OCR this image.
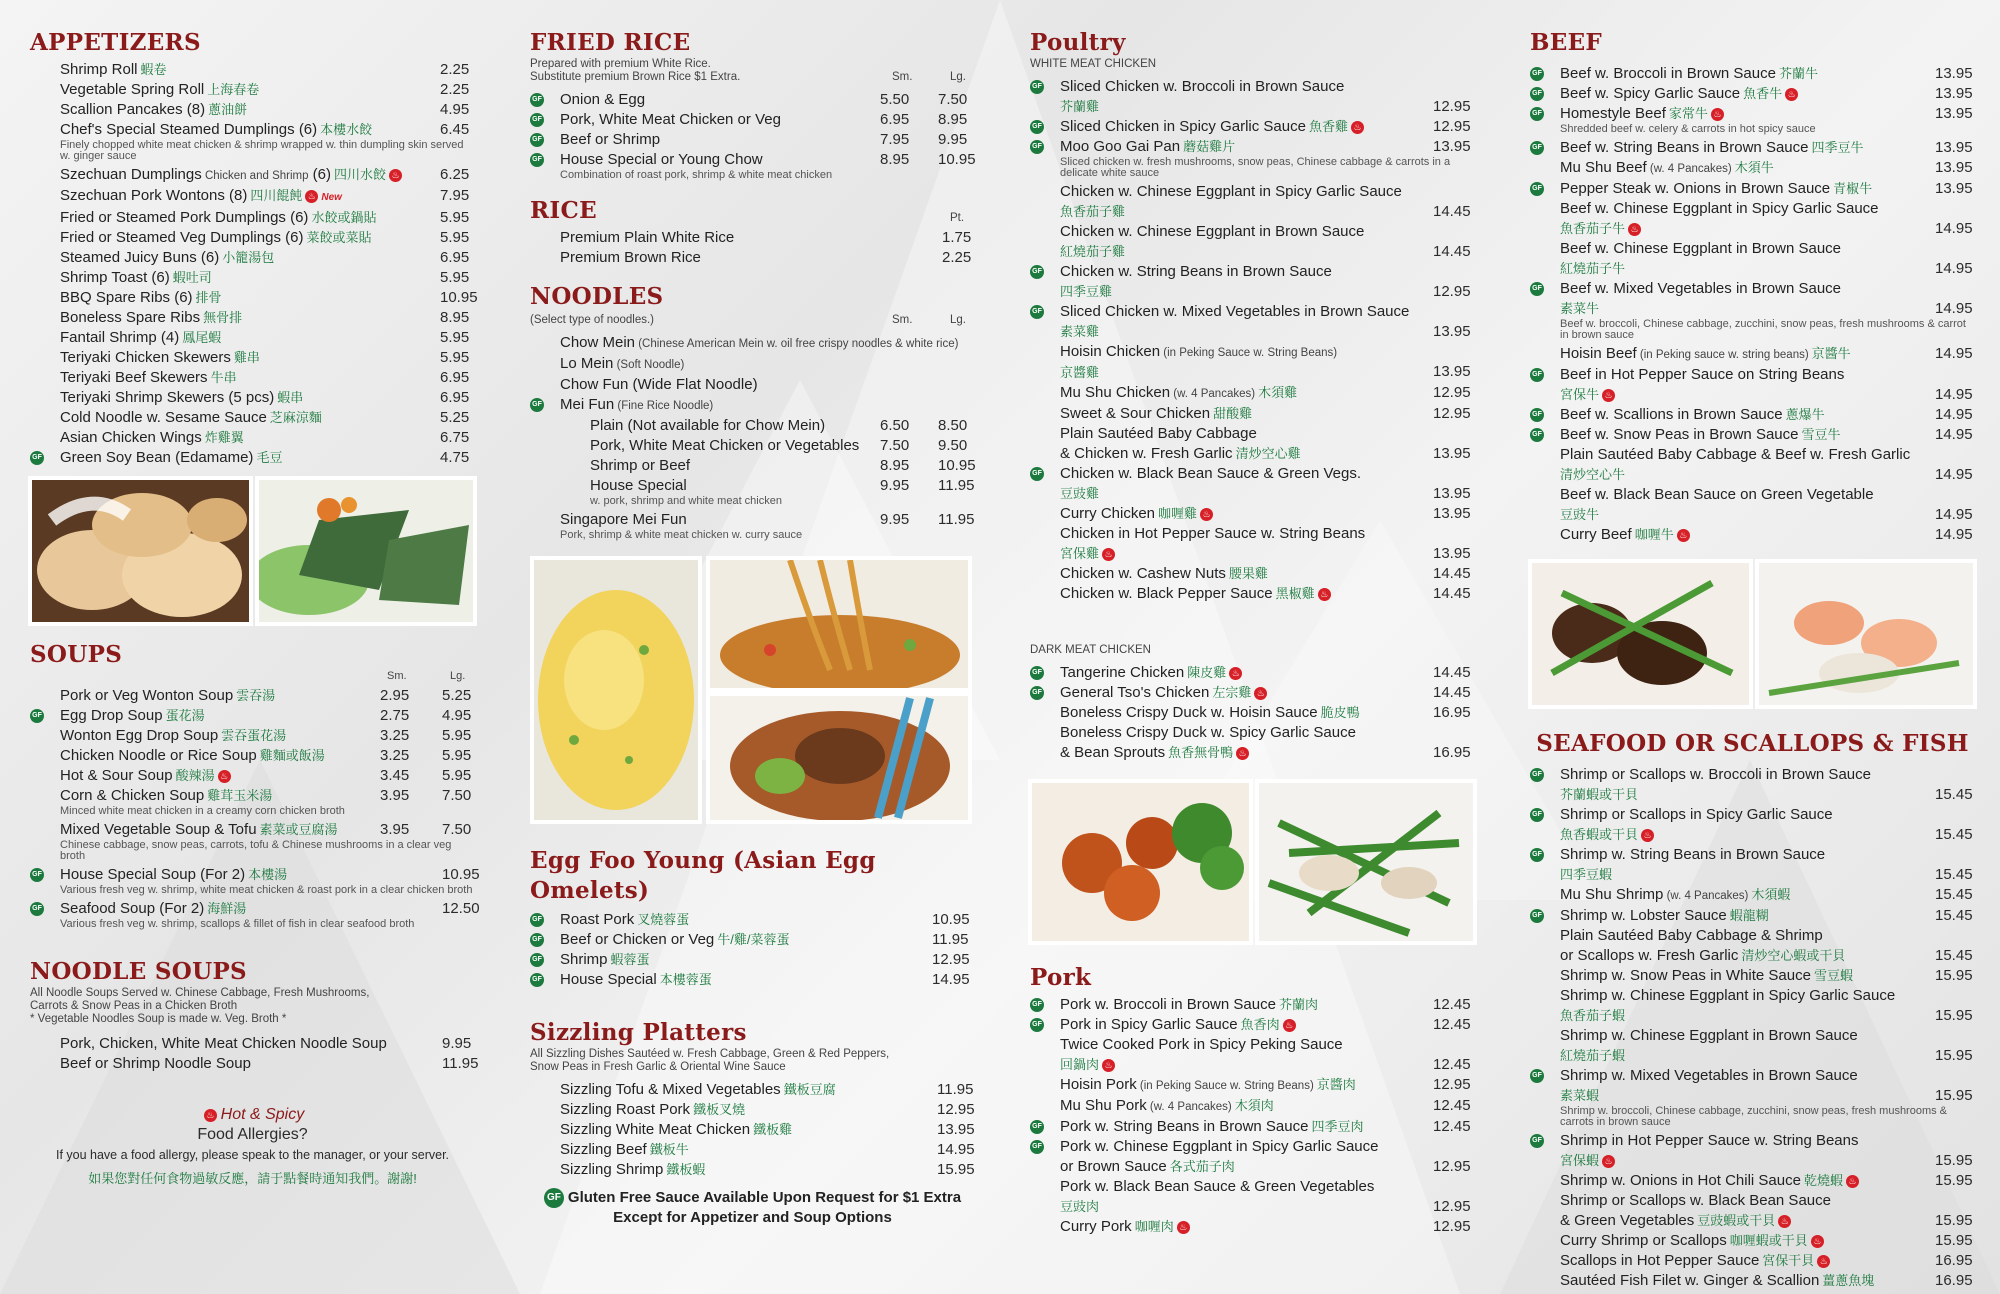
APPETIZERS
Shrimp Roll 蝦卷	2.25
Vegetable Spring Roll 上海春卷	2.25
Scallion Pancakes (8) 蔥油餅	4.95
Chef's Special Steamed Dumplings (6) 本樓水餃
Finely chopped white meat chicken & shrimp wrapped w. thin dumpling skin served w. ginger sauce
6.45
Szechuan Dumplings Chicken and Shrimp (6) 四川水餃 ♨	6.25
Szechuan Pork Wontons (8) 四川餛飩 ♨ New	7.95
Fried or Steamed Pork Dumplings (6) 水餃或鍋貼	5.95
Fried or Steamed Veg Dumplings (6) 菜餃或菜貼	5.95
Steamed Juicy Buns (6) 小籠湯包	6.95
Shrimp Toast (6) 蝦吐司	5.95
BBQ Spare Ribs (6) 排骨	10.95
Boneless Spare Ribs 無骨排	8.95
Fantail Shrimp (4) 鳳尾蝦	5.95
Teriyaki Chicken Skewers 雞串	5.95
Teriyaki Beef Skewers 牛串	6.95
Teriyaki Shrimp Skewers (5 pcs) 蝦串	6.95
Cold Noodle w. Sesame Sauce 芝麻涼麵	5.25
Asian Chicken Wings 炸雞翼	6.75
GF Green Soy Bean (Edamame) 毛豆	4.75
SOUPS
Sm.	Lg.
Pork or Veg Wonton Soup 雲吞湯	2.95 5.25
GF Egg Drop Soup 蛋花湯	2.75 4.95
Wonton Egg Drop Soup 雲吞蛋花湯	3.25 5.95
Chicken Noodle or Rice Soup 雞麵或飯湯	3.25 5.95
Hot & Sour Soup 酸辣湯 ♨	3.45 5.95
Corn & Chicken Soup 雞茸玉米湯
Minced white meat chicken in a creamy corn chicken broth
3.95 7.50
Mixed Vegetable Soup & Tofu 素菜或豆腐湯
Chinese cabbage, snow peas, carrots, tofu & Chinese mushrooms in a clear veg broth
3.95 7.50
GF House Special Soup (For 2) 本樓湯
Various fresh veg w. shrimp, white meat chicken & roast pork in a clear chicken broth
10.95
GF Seafood Soup (For 2) 海鮮湯
Various fresh veg w. shrimp, scallops & fillet of fish in clear seafood broth
12.50
NOODLE SOUPS
All Noodle Soups Served w. Chinese Cabbage, Fresh Mushrooms,
Carrots & Snow Peas in a Chicken Broth
* Vegetable Noodles Soup is made w. Veg. Broth *
Pork, Chicken, White Meat Chicken Noodle Soup	9.95
Beef or Shrimp Noodle Soup	11.95
♨ Hot & Spicy
Food Allergies?
If you have a food allergy, please speak to the manager, or your server.
如果您對任何食物過敏反應，請于點餐時通知我們。謝謝!
FRIED RICE
Prepared with premium White Rice.
Substitute premium Brown Rice $1 Extra.	Sm.	Lg.
GF Onion & Egg	5.50 7.50
GF Pork, White Meat Chicken or Veg	6.95 8.95
GF Beef or Shrimp	7.95 9.95
GF House Special or Young Chow
Combination of roast pork, shrimp & white meat chicken
8.95 10.95
RICE	Pt.
Premium Plain White Rice	1.75
Premium Brown Rice	2.25
NOODLES
(Select type of noodles.)	Sm.	Lg.
Chow Mein (Chinese American Mein w. oil free crispy noodles & white rice)
Lo Mein (Soft Noodle)
Chow Fun (Wide Flat Noodle)
GF Mei Fun (Fine Rice Noodle)
Plain (Not available for Chow Mein)	6.50 8.50
Pork, White Meat Chicken or Vegetables 7.50 9.50
Shrimp or Beef	8.95 10.95
House Special
w. pork, shrimp and white meat chicken
9.95 11.95
Singapore Mei Fun
Pork, shrimp & white meat chicken w. curry sauce
9.95 11.95
Egg Foo Young (Asian Egg Omelets)
GF Roast Pork 叉燒蓉蛋	10.95
GF Beef or Chicken or Veg 牛/雞/菜蓉蛋	11.95
GF Shrimp 蝦蓉蛋	12.95
GF House Special 本樓蓉蛋	14.95
Sizzling Platters
All Sizzling Dishes Sautéed w. Fresh Cabbage, Green & Red Peppers,
Snow Peas in Fresh Garlic & Oriental Wine Sauce
Sizzling Tofu & Mixed Vegetables 鐵板豆腐	11.95
Sizzling Roast Pork 鐵板叉燒	12.95
Sizzling White Meat Chicken 鐵板雞	13.95
Sizzling Beef 鐵板牛	14.95
Sizzling Shrimp 鐵板蝦	15.95
GF Gluten Free Sauce Available Upon Request for $1 Extra
Except for Appetizer and Soup Options
Poultry
WHITE MEAT CHICKEN
GF Sliced Chicken w. Broccoli in Brown Sauce
芥蘭雞	12.95
GF Sliced Chicken in Spicy Garlic Sauce 魚香雞 ♨	12.95
GF Moo Goo Gai Pan 蘑菇雞片
Sliced chicken w. fresh mushrooms, snow peas, Chinese cabbage & carrots in a delicate white sauce
13.95
Chicken w. Chinese Eggplant in Spicy Garlic Sauce
魚香茄子雞	14.45
Chicken w. Chinese Eggplant in Brown Sauce
紅燒茄子雞	14.45
GF Chicken w. String Beans in Brown Sauce
四季豆雞	12.95
GF Sliced Chicken w. Mixed Vegetables in Brown Sauce
素菜雞	13.95
Hoisin Chicken (in Peking Sauce w. String Beans)
京醬雞	13.95
Mu Shu Chicken (w. 4 Pancakes) 木須雞	12.95
Sweet & Sour Chicken 甜酸雞	12.95
Plain Sautéed Baby Cabbage
& Chicken w. Fresh Garlic 清炒空心雞	13.95
GF Chicken w. Black Bean Sauce & Green Vegs.
豆豉雞	13.95
Curry Chicken 咖喱雞 ♨	13.95
Chicken in Hot Pepper Sauce w. String Beans
宮保雞 ♨	13.95
Chicken w. Cashew Nuts 腰果雞	14.45
Chicken w. Black Pepper Sauce 黑椒雞 ♨	14.45
DARK MEAT CHICKEN
GF Tangerine Chicken 陳皮雞 ♨	14.45
GF General Tso's Chicken 左宗雞 ♨	14.45
Boneless Crispy Duck w. Hoisin Sauce 脆皮鴨	16.95
Boneless Crispy Duck w. Spicy Garlic Sauce
& Bean Sprouts 魚香無骨鴨 ♨	16.95
Pork
GF Pork w. Broccoli in Brown Sauce 芥蘭肉	12.45
GF Pork in Spicy Garlic Sauce 魚香肉 ♨	12.45
Twice Cooked Pork in Spicy Peking Sauce
回鍋肉 ♨	12.45
Hoisin Pork (in Peking Sauce w. String Beans) 京醬肉	12.95
Mu Shu Pork (w. 4 Pancakes) 木須肉	12.45
GF Pork w. String Beans in Brown Sauce 四季豆肉	12.45
GF Pork w. Chinese Eggplant in Spicy Garlic Sauce
or Brown Sauce 各式茄子肉	12.95
Pork w. Black Bean Sauce & Green Vegetables
豆豉肉	12.95
Curry Pork 咖喱肉 ♨	12.95
BEEF
GF Beef w. Broccoli in Brown Sauce 芥蘭牛	13.95
GF Beef w. Spicy Garlic Sauce 魚香牛 ♨	13.95
GF Homestyle Beef 家常牛 ♨
Shredded beef w. celery & carrots in hot spicy sauce
13.95
GF Beef w. String Beans in Brown Sauce 四季豆牛	13.95
Mu Shu Beef (w. 4 Pancakes) 木須牛	13.95
GF Pepper Steak w. Onions in Brown Sauce 青椒牛	13.95
Beef w. Chinese Eggplant in Spicy Garlic Sauce
魚香茄子牛 ♨	14.95
Beef w. Chinese Eggplant in Brown Sauce
紅燒茄子牛	14.95
GF Beef w. Mixed Vegetables in Brown Sauce
素菜牛
Beef w. broccoli, Chinese cabbage, zucchini, snow peas, fresh mushrooms & carrot in brown sauce
14.95
Hoisin Beef (in Peking sauce w. string beans) 京醬牛	14.95
GF Beef in Hot Pepper Sauce on String Beans
宮保牛 ♨	14.95
GF Beef w. Scallions in Brown Sauce 蔥爆牛	14.95
GF Beef w. Snow Peas in Brown Sauce 雪豆牛	14.95
Plain Sautéed Baby Cabbage & Beef w. Fresh Garlic
清炒空心牛	14.95
Beef w. Black Bean Sauce on Green Vegetable
豆豉牛	14.95
Curry Beef 咖喱牛 ♨	14.95
SEAFOOD OR SCALLOPS & FISH
GF Shrimp or Scallops w. Broccoli in Brown Sauce
芥蘭蝦或干貝	15.45
GF Shrimp or Scallops in Spicy Garlic Sauce
魚香蝦或干貝 ♨	15.45
GF Shrimp w. String Beans in Brown Sauce
四季豆蝦	15.45
Mu Shu Shrimp (w. 4 Pancakes) 木須蝦	15.45
GF Shrimp w. Lobster Sauce 蝦龍糊	15.45
Plain Sautéed Baby Cabbage & Shrimp
or Scallops w. Fresh Garlic 清炒空心蝦或干貝	15.45
Shrimp w. Snow Peas in White Sauce 雪豆蝦	15.95
Shrimp w. Chinese Eggplant in Spicy Garlic Sauce
魚香茄子蝦	15.95
Shrimp w. Chinese Eggplant in Brown Sauce
紅燒茄子蝦	15.95
GF Shrimp w. Mixed Vegetables in Brown Sauce
素菜蝦
Shrimp w. broccoli, Chinese cabbage, zucchini, snow peas, fresh mushrooms & carrots in brown sauce
15.95
GF Shrimp in Hot Pepper Sauce w. String Beans
宮保蝦 ♨	15.95
Shrimp w. Onions in Hot Chili Sauce 乾燒蝦 ♨	15.95
Shrimp or Scallops w. Black Bean Sauce
& Green Vegetables 豆豉蝦或干貝 ♨	15.95
Curry Shrimp or Scallops 咖喱蝦或干貝 ♨	15.95
Scallops in Hot Pepper Sauce 宮保干貝 ♨	16.95
Sautéed Fish Filet w. Ginger & Scallion 薑蔥魚塊	16.95
